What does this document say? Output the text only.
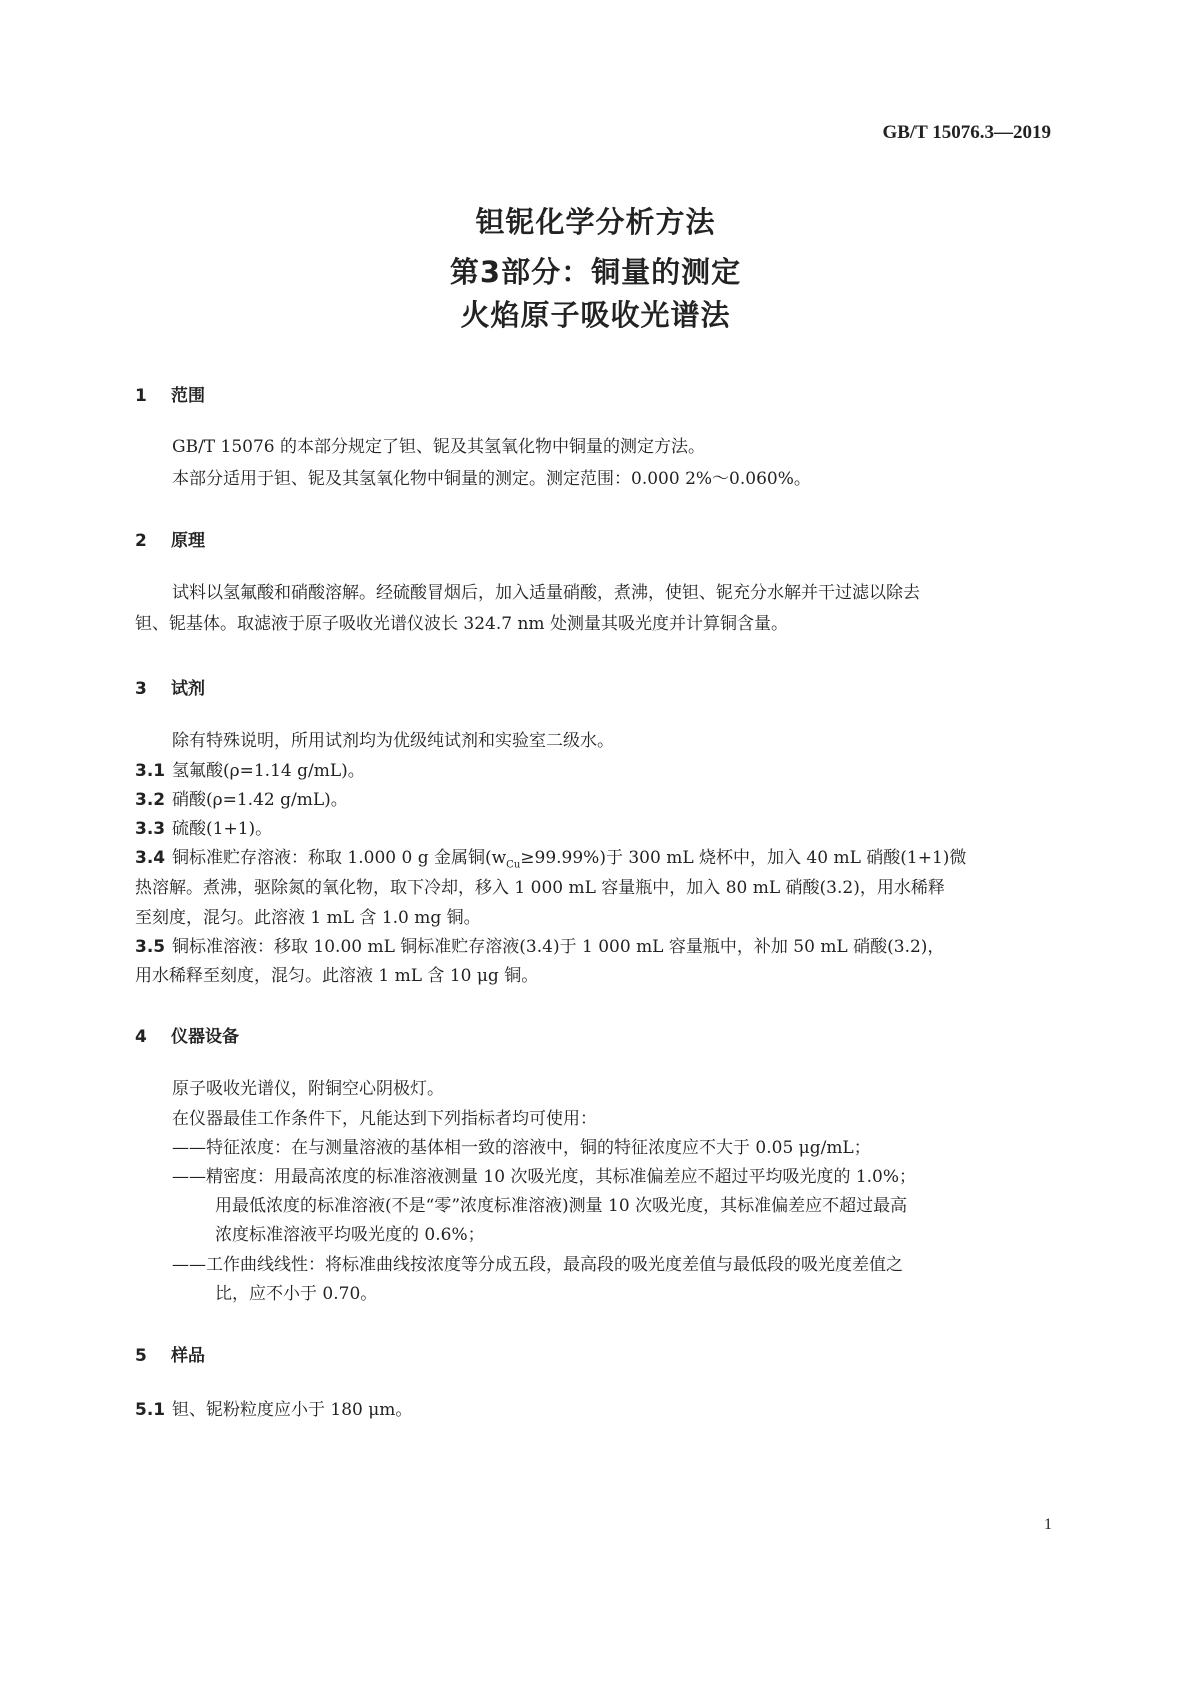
GB/T 15076.3—2019
钽铌化学分析方法
第3部分：铜量的测定
火焰原子吸收光谱法
1 范围
GB/T 15076 的本部分规定了钽、铌及其氢氧化物中铜量的测定方法。
本部分适用于钽、铌及其氢氧化物中铜量的测定。测定范围：0.000 2%～0.060%。
2 原理
试料以氢氟酸和硝酸溶解。经硫酸冒烟后，加入适量硝酸，煮沸，使钽、铌充分水解并干过滤以除去
钽、铌基体。取滤液于原子吸收光谱仪波长 324.7 nm 处测量其吸光度并计算铜含量。
3 试剂
除有特殊说明，所用试剂均为优级纯试剂和实验室二级水。
3.1 氢氟酸(ρ=1.14 g/mL)。
3.2 硝酸(ρ=1.42 g/mL)。
3.3 硫酸(1+1)。
3.4 铜标准贮存溶液：称取 1.000 0 g 金属铜$(w_{Cu}\ge 99.99\%)$于 300 mL 烧杯中，加入 40 mL 硝酸(1+1)微
热溶解。煮沸，驱除氮的氧化物，取下冷却，移入 1 000 mL 容量瓶中，加入 80 mL 硝酸(3.2)，用水稀释
至刻度，混匀。此溶液 1 mL 含 1.0 mg 铜。
3.5 铜标准溶液：移取 10.00 mL 铜标准贮存溶液(3.4)于 1 000 mL 容量瓶中，补加 50 mL 硝酸(3.2)，
用水稀释至刻度，混匀。此溶液 1 mL 含 10 μg 铜。
4 仪器设备
原子吸收光谱仪，附铜空心阴极灯。
在仪器最佳工作条件下，凡能达到下列指标者均可使用：
——特征浓度：在与测量溶液的基体相一致的溶液中，铜的特征浓度应不大于 0.05 μg/mL；
——精密度：用最高浓度的标准溶液测量 10 次吸光度，其标准偏差应不超过平均吸光度的 1.0%；
用最低浓度的标准溶液(不是“零”浓度标准溶液)测量 10 次吸光度，其标准偏差应不超过最高
浓度标准溶液平均吸光度的 0.6%；
——工作曲线线性：将标准曲线按浓度等分成五段，最高段的吸光度差值与最低段的吸光度差值之
比，应不小于 0.70。
5 样品
5.1 钽、铌粉粒度应小于 180 μm。
1
